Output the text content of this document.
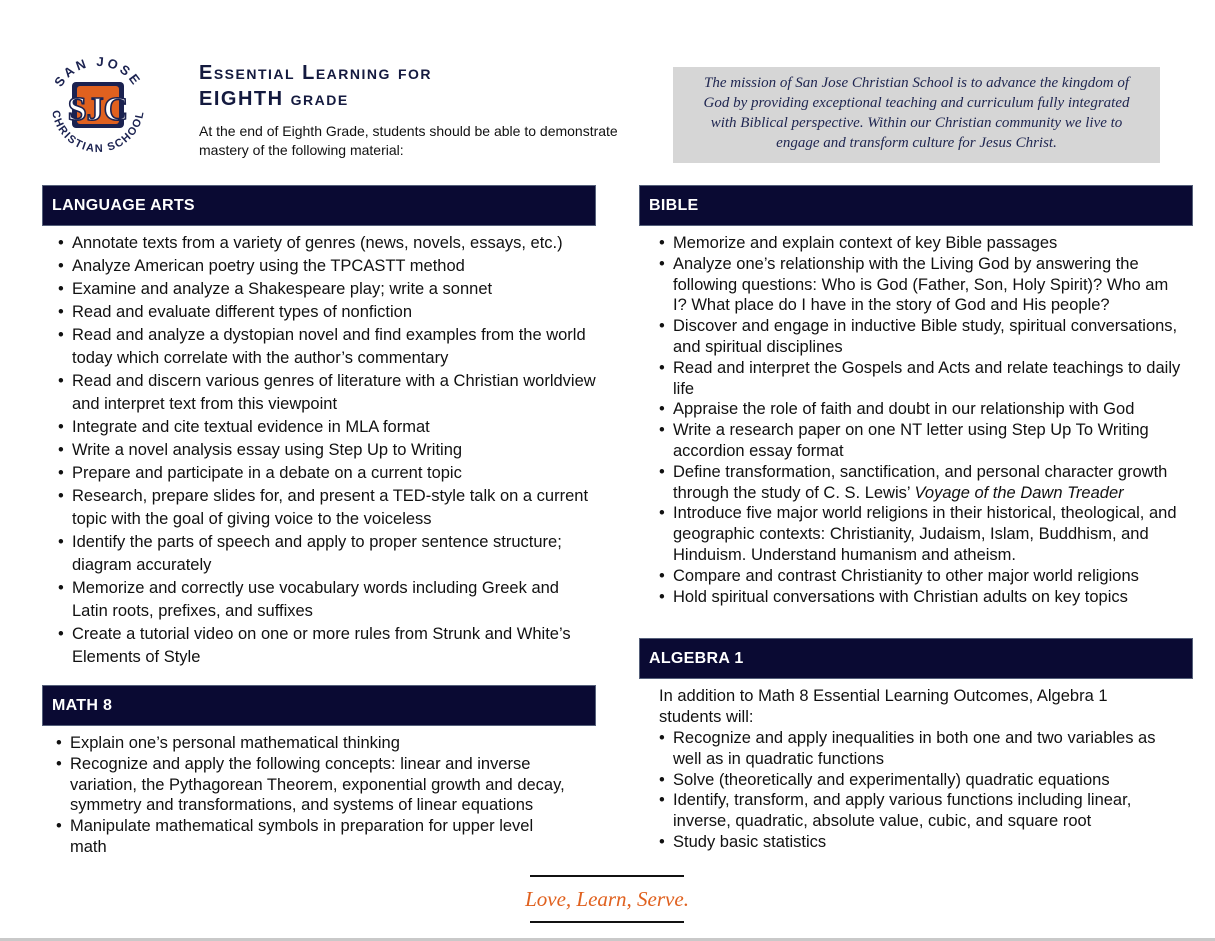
SAN JOSE
CHRISTIAN SCHOOL
SJC
Essential Learning for
EIGHTH grade
At the end of Eighth Grade, students should be able to demonstrate mastery of the following material:
The mission of San Jose Christian School is to advance the kingdom of God by providing exceptional teaching and curriculum fully integrated with Biblical perspective. Within our Christian community we live to engage and transform culture for Jesus Christ.
LANGUAGE ARTS
• Annotate texts from a variety of genres (news, novels, essays, etc.)
• Analyze American poetry using the TPCASTT method
• Examine and analyze a Shakespeare play; write a sonnet
• Read and evaluate different types of nonfiction
• Read and analyze a dystopian novel and find examples from the world today which correlate with the author’s commentary
• Read and discern various genres of literature with a Christian worldview and interpret text from this viewpoint
• Integrate and cite textual evidence in MLA format
• Write a novel analysis essay using Step Up to Writing
• Prepare and participate in a debate on a current topic
• Research, prepare slides for, and present a TED-style talk on a current topic with the goal of giving voice to the voiceless
• Identify the parts of speech and apply to proper sentence structure; diagram accurately
• Memorize and correctly use vocabulary words including Greek and Latin roots, prefixes, and suffixes
• Create a tutorial video on one or more rules from Strunk and White’s Elements of Style
MATH 8
• Explain one’s personal mathematical thinking
• Recognize and apply the following concepts: linear and inverse variation, the Pythagorean Theorem, exponential growth and decay, symmetry and transformations, and systems of linear equations
• Manipulate mathematical symbols in preparation for upper level math
BIBLE
• Memorize and explain context of key Bible passages
• Analyze one’s relationship with the Living God by answering the following questions: Who is God (Father, Son, Holy Spirit)? Who am I? What place do I have in the story of God and His people?
• Discover and engage in inductive Bible study, spiritual conversations, and spiritual disciplines
• Read and interpret the Gospels and Acts and relate teachings to daily life
• Appraise the role of faith and doubt in our relationship with God
• Write a research paper on one NT letter using Step Up To Writing accordion essay format
• Define transformation, sanctification, and personal character growth through the study of C. S. Lewis’ Voyage of the Dawn Treader
• Introduce five major world religions in their historical, theological, and geographic contexts: Christianity, Judaism, Islam, Buddhism, and Hinduism. Understand humanism and atheism.
• Compare and contrast Christianity to other major world religions
• Hold spiritual conversations with Christian adults on key topics
ALGEBRA 1
In addition to Math 8 Essential Learning Outcomes, Algebra 1 students will:
• Recognize and apply inequalities in both one and two variables as well as in quadratic functions
• Solve (theoretically and experimentally) quadratic equations
• Identify, transform, and apply various functions including linear, inverse, quadratic, absolute value, cubic, and square root
• Study basic statistics
Love, Learn, Serve.
